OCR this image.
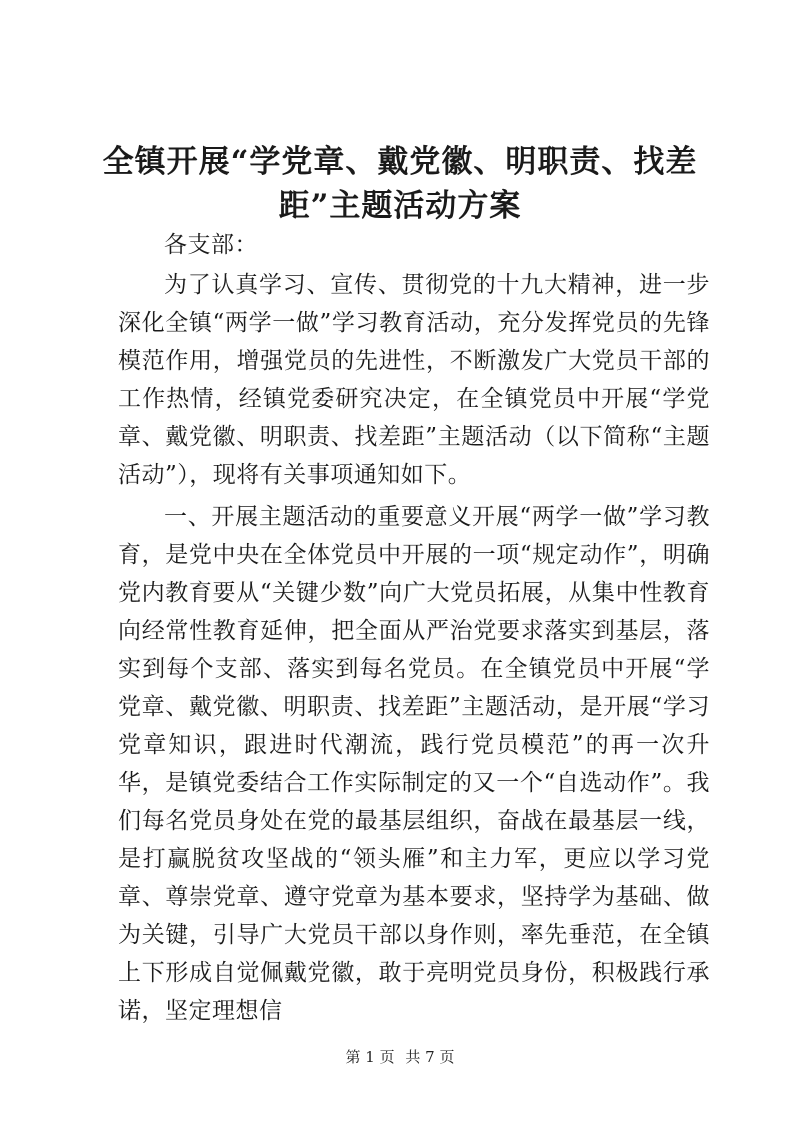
全镇开展“学党章、戴党徽、明职责、找差
距”主题活动方案

各支部：

为了认真学习、宣传、贯彻党的十九大精神，进一步深化全镇“两学一做”学习教育活动，充分发挥党员的先锋模范作用，增强党员的先进性，不断激发广大党员干部的工作热情，经镇党委研究决定，在全镇党员中开展“学党章、戴党徽、明职责、找差距”主题活动（以下简称“主题活动”），现将有关事项通知如下。

一、开展主题活动的重要意义开展“两学一做”学习教育，是党中央在全体党员中开展的一项“规定动作”，明确党内教育要从“关键少数”向广大党员拓展，从集中性教育向经常性教育延伸，把全面从严治党要求落实到基层，落实到每个支部、落实到每名党员。在全镇党员中开展“学党章、戴党徽、明职责、找差距”主题活动，是开展“学习党章知识，跟进时代潮流，践行党员模范”的再一次升华，是镇党委结合工作实际制定的又一个“自选动作”。我们每名党员身处在党的最基层组织，奋战在最基层一线，是打赢脱贫攻坚战的“领头雁”和主力军，更应以学习党章、尊崇党章、遵守党章为基本要求，坚持学为基础、做为关键，引导广大党员干部以身作则，率先垂范，在全镇上下形成自觉佩戴党徽，敢于亮明党员身份，积极践行承诺，坚定理想信

第 1 页 共 7 页
